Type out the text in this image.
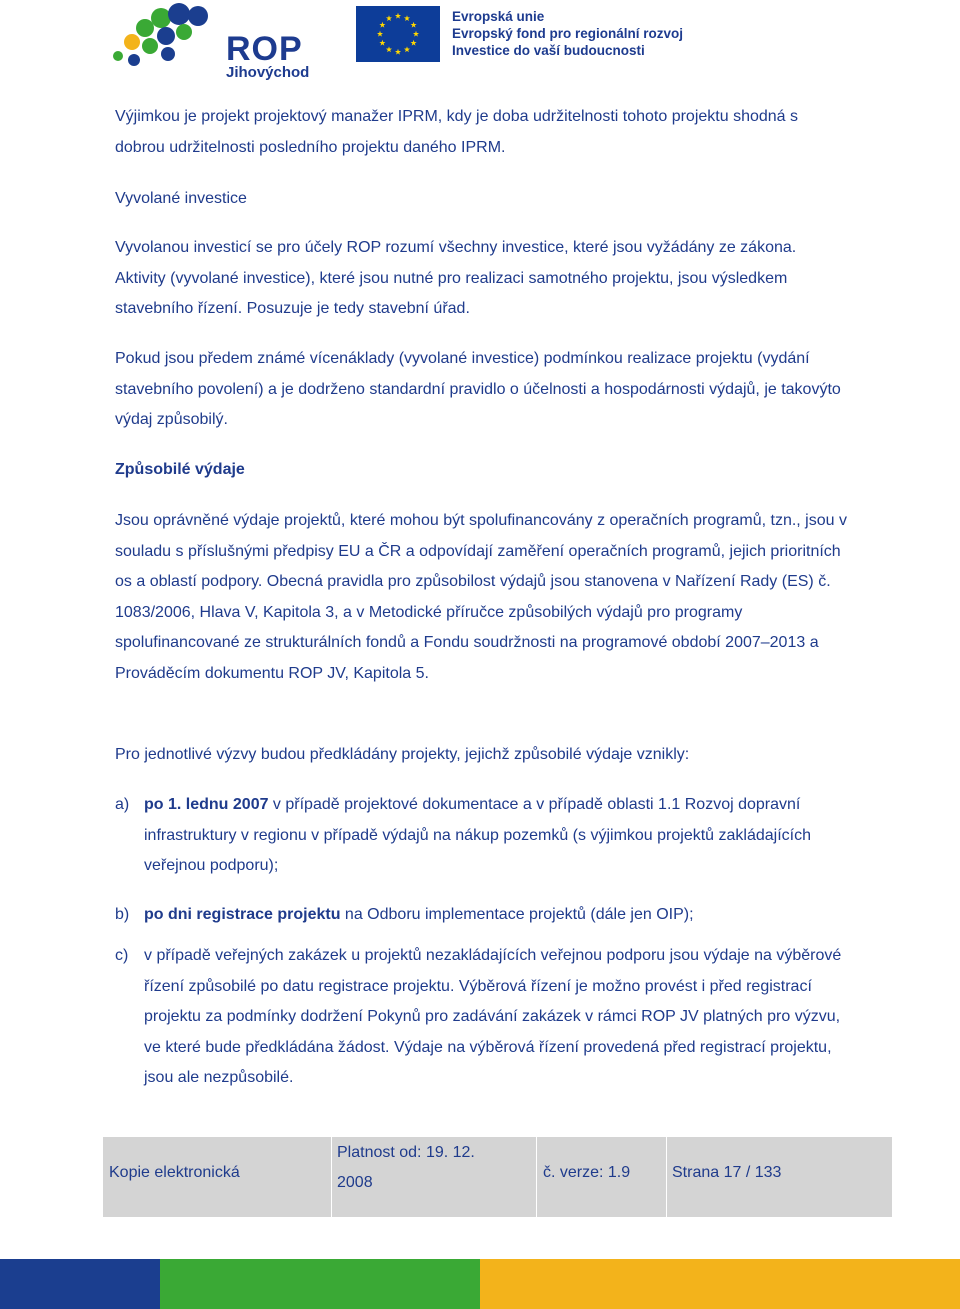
ROP
Jihovýchod
Evropská unie
Evropský fond pro regionální rozvoj
Investice do vaší budoucnosti

Výjimkou je projekt projektový manažer IPRM, kdy je doba udržitelnosti tohoto projektu shodná s dobrou udržitelnosti posledního projektu daného IPRM.

Vyvolané investice

Vyvolanou investicí se pro účely ROP rozumí všechny investice, které jsou vyžádány ze zákona. Aktivity (vyvolané investice), které jsou nutné pro realizaci samotného projektu, jsou výsledkem stavebního řízení. Posuzuje je tedy stavební úřad.

Pokud jsou předem známé vícenáklady (vyvolané investice) podmínkou realizace projektu (vydání stavebního povolení) a je dodrženo standardní pravidlo o účelnosti a hospodárnosti výdajů, je takovýto výdaj způsobilý.

Způsobilé výdaje

Jsou oprávněné výdaje projektů, které mohou být spolufinancovány z operačních programů, tzn., jsou v souladu s příslušnými předpisy EU a ČR a odpovídají zaměření operačních programů, jejich prioritních os a oblastí podpory. Obecná pravidla pro způsobilost výdajů jsou stanovena v Nařízení Rady (ES) č. 1083/2006, Hlava V, Kapitola 3, a v Metodické příručce způsobilých výdajů pro programy spolufinancované ze strukturálních fondů a Fondu soudržnosti na programové období 2007–2013 a Prováděcím dokumentu ROP JV, Kapitola 5.

Pro jednotlivé výzvy budou předkládány projekty, jejichž způsobilé výdaje vznikly:

a) po 1. lednu 2007 v případě projektové dokumentace a v případě oblasti 1.1 Rozvoj dopravní infrastruktury v regionu v případě výdajů na nákup pozemků (s výjimkou projektů zakládajících veřejnou podporu);

b) po dni registrace projektu na Odboru implementace projektů (dále jen OIP);

c) v případě veřejných zakázek u projektů nezakládajících veřejnou podporu jsou výdaje na výběrové řízení způsobilé po datu registrace projektu. Výběrová řízení je možno provést i před registrací projektu za podmínky dodržení Pokynů pro zadávání zakázek v rámci ROP JV platných pro výzvu, ve které bude předkládána žádost. Výdaje na výběrová řízení provedená před registrací projektu, jsou ale nezpůsobilé.

Kopie elektronická
Platnost od: 19. 12.
2008
č. verze: 1.9	Strana 17 / 133
